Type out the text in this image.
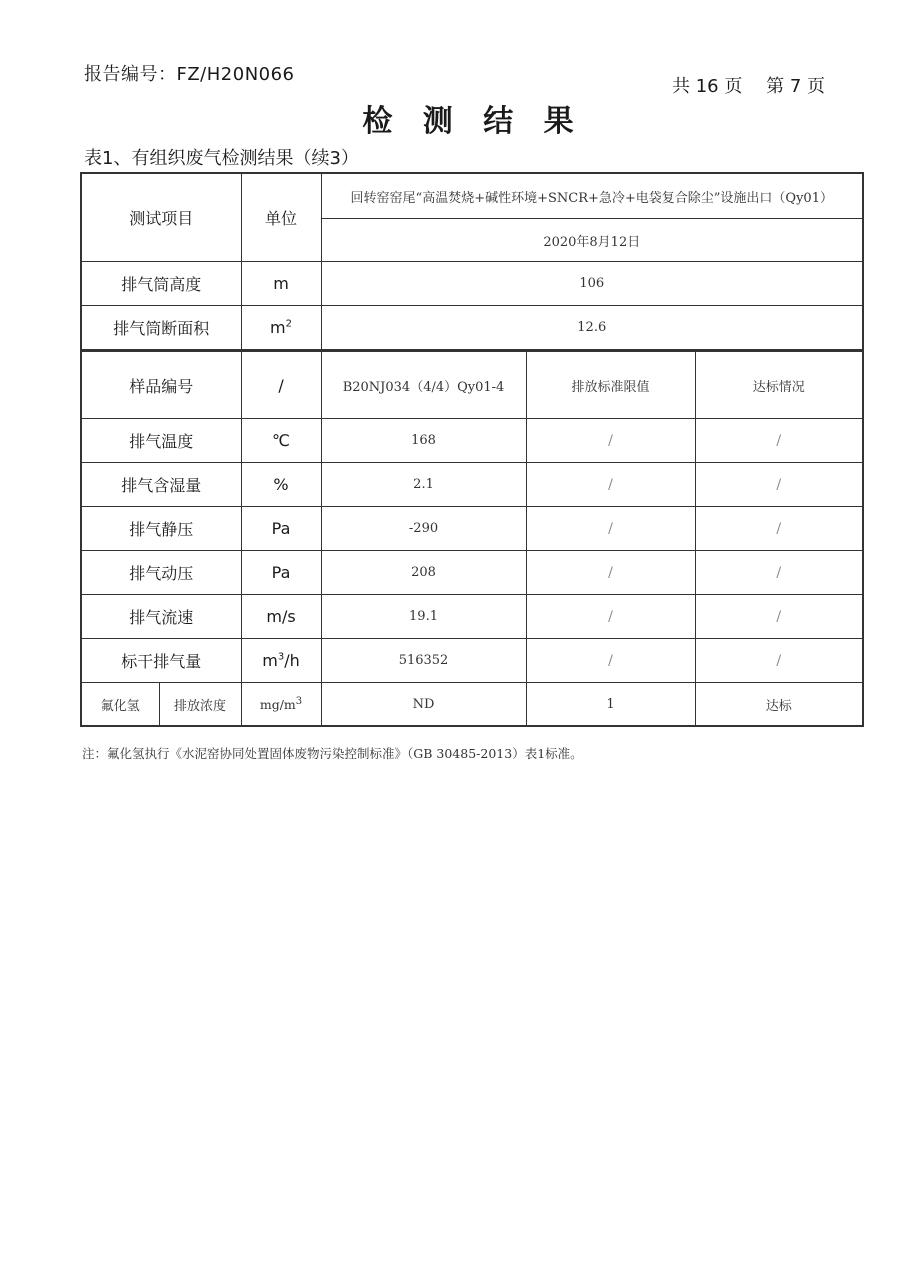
报告编号：FZ/H20N066
共 16 页 第 7 页
检 测 结 果
表1、有组织废气检测结果（续3）
测试项目		单位	回转窑窑尾“高温焚烧+碱性环境+SNCR+急冷+电袋复合除尘”设施出口（Qy01）		
			2020年8月12日		
排气筒高度		m	106		
排气筒断面积		$m^2$	12.6		
样品编号		/	B20NJ034（4/4）Qy01-4	排放标准限值	达标情况
排气温度		℃	168	/	/
排气含湿量		%	2.1	/	/
排气静压		Pa	-290	/	/
排气动压		Pa	208	/	/
排气流速		m/s	19.1	/	/
标干排气量		$m^3/h$	516352	/	/
氟化氢	排放浓度	$mg/m^3$	ND	1	达标
注：氟化氢执行《水泥窑协同处置固体废物污染控制标准》（GB 30485-2013）表1标准。
